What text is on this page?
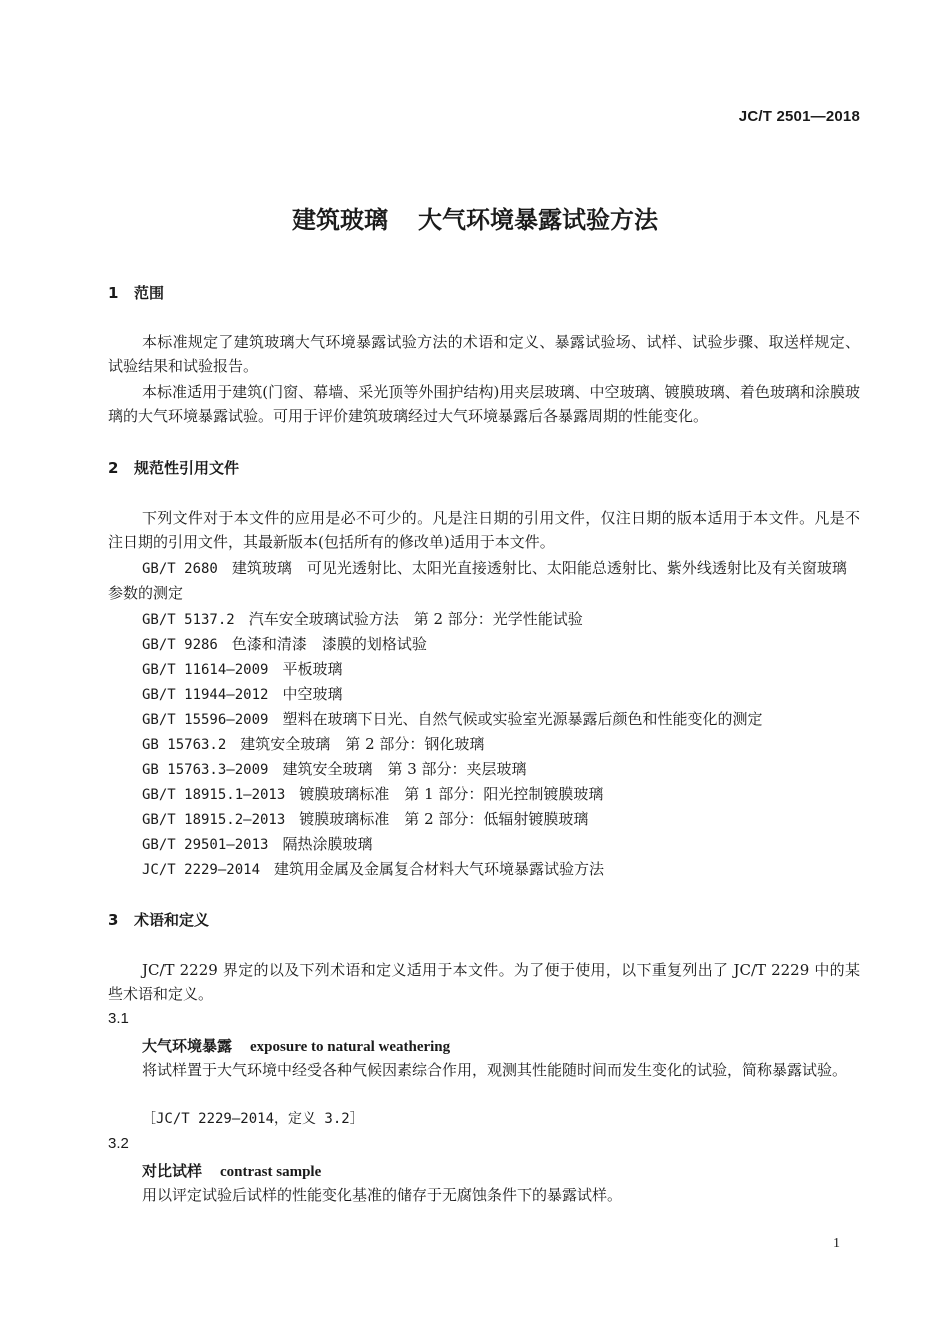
JC/T 2501—2018
建筑玻璃 大气环境暴露试验方法
1 范围
本标准规定了建筑玻璃大气环境暴露试验方法的术语和定义、暴露试验场、试样、试验步骤、取送样规定、试验结果和试验报告。
本标准适用于建筑(门窗、幕墙、采光顶等外围护结构)用夹层玻璃、中空玻璃、镀膜玻璃、着色玻璃和涂膜玻璃的大气环境暴露试验。可用于评价建筑玻璃经过大气环境暴露后各暴露周期的性能变化。
2 规范性引用文件
下列文件对于本文件的应用是必不可少的。凡是注日期的引用文件，仅注日期的版本适用于本文件。凡是不注日期的引用文件，其最新版本(包括所有的修改单)适用于本文件。
GB/T 2680 建筑玻璃　可见光透射比、太阳光直接透射比、太阳能总透射比、紫外线透射比及有关窗玻璃参数的测定
GB/T 5137.2 汽车安全玻璃试验方法　第 2 部分：光学性能试验
GB/T 9286 色漆和清漆　漆膜的划格试验
GB/T 11614—2009 平板玻璃
GB/T 11944—2012 中空玻璃
GB/T 15596—2009 塑料在玻璃下日光、自然气候或实验室光源暴露后颜色和性能变化的测定
GB 15763.2 建筑安全玻璃　第 2 部分：钢化玻璃
GB 15763.3—2009 建筑安全玻璃　第 3 部分：夹层玻璃
GB/T 18915.1—2013 镀膜玻璃标准　第 1 部分：阳光控制镀膜玻璃
GB/T 18915.2—2013 镀膜玻璃标准　第 2 部分：低辐射镀膜玻璃
GB/T 29501—2013 隔热涂膜玻璃
JC/T 2229—2014 建筑用金属及金属复合材料大气环境暴露试验方法
3 术语和定义
JC/T 2229 界定的以及下列术语和定义适用于本文件。为了便于使用，以下重复列出了 JC/T 2229 中的某些术语和定义。
3.1
大气环境暴露 exposure to natural weathering
将试样置于大气环境中经受各种气候因素综合作用，观测其性能随时间而发生变化的试验，简称暴露试验。
［JC/T 2229—2014，定义 3.2］
3.2
对比试样 contrast sample
用以评定试验后试样的性能变化基准的储存于无腐蚀条件下的暴露试样。
1
